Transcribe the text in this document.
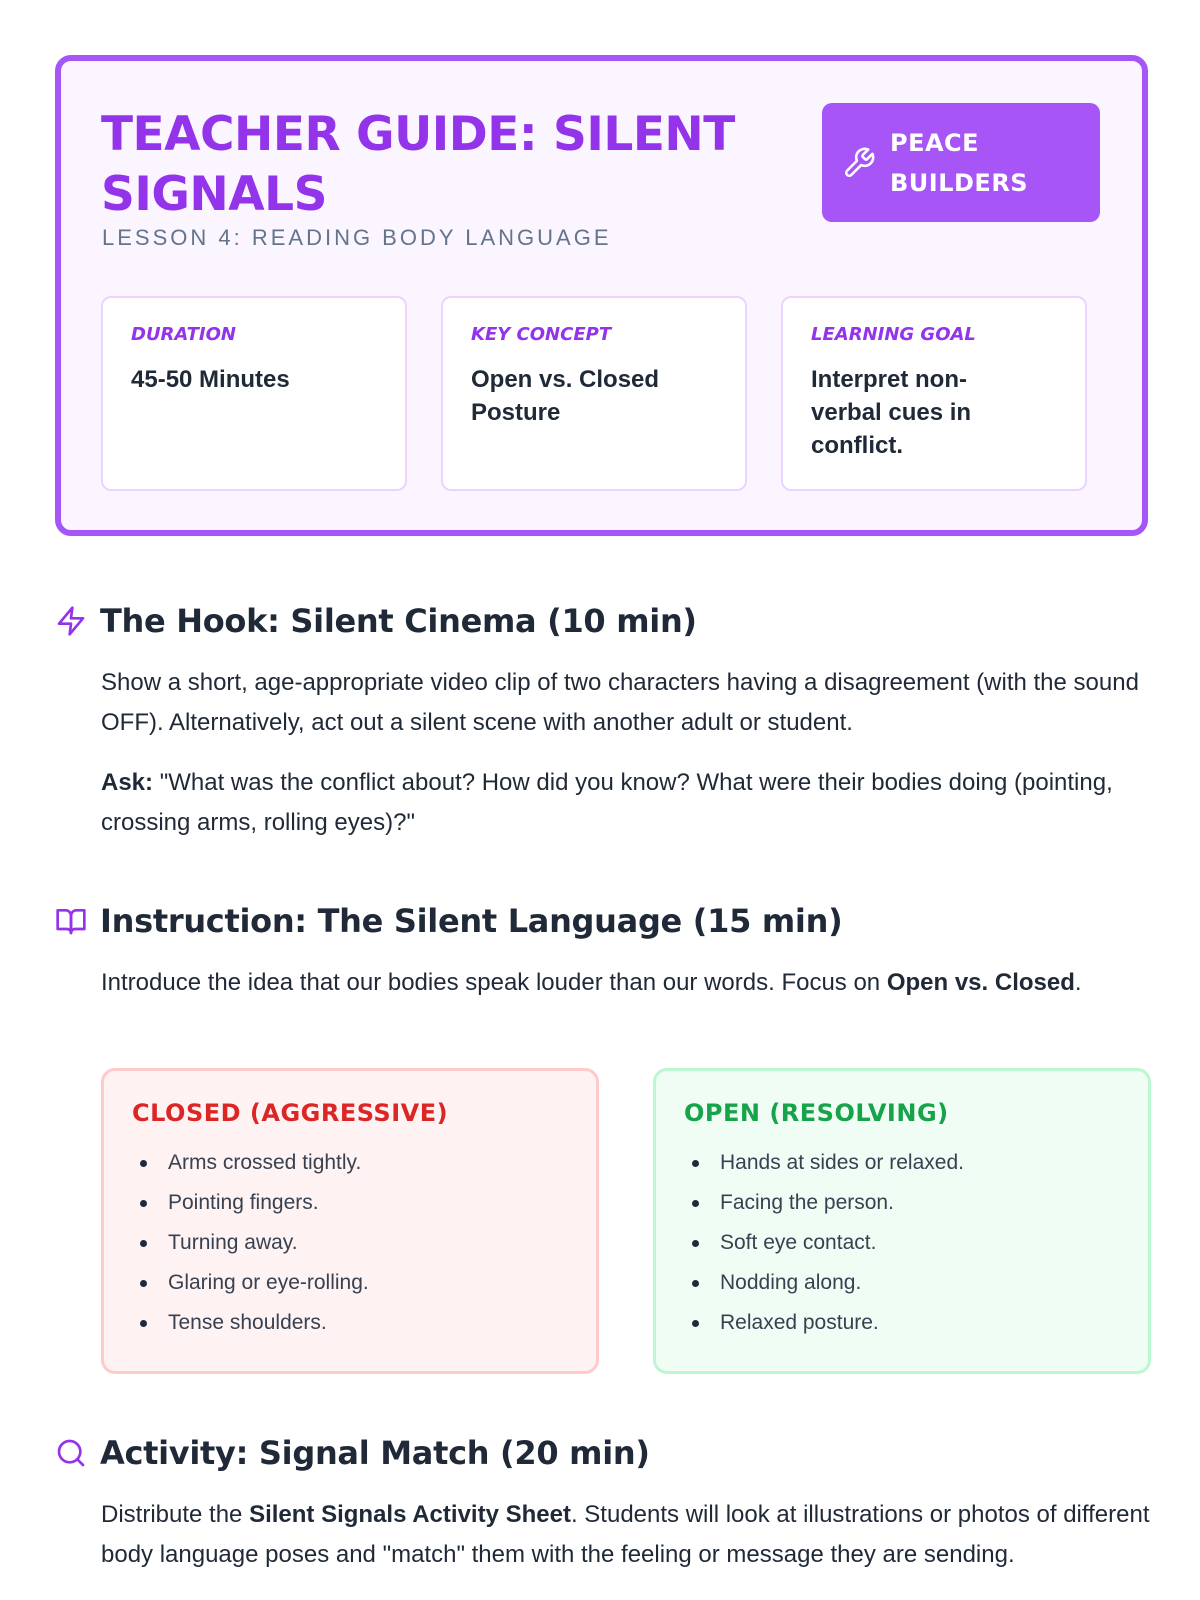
TEACHER GUIDE: SILENT SIGNALS
LESSON 4: READING BODY LANGUAGE
PEACE BUILDERS
DURATION
45-50 Minutes
KEY CONCEPT
Open vs. Closed Posture
LEARNING GOAL
Interpret non-verbal cues in conflict.
The Hook: Silent Cinema (10 min)

Show a short, age-appropriate video clip of two characters having a disagreement (with the sound OFF). Alternatively, act out a silent scene with another adult or student.

Ask: "What was the conflict about? How did you know? What were their bodies doing (pointing, crossing arms, rolling eyes)?"

Instruction: The Silent Language (15 min)

Introduce the idea that our bodies speak louder than our words. Focus on Open vs. Closed.

CLOSED (AGGRESSIVE)
Arms crossed tightly.
Pointing fingers.
Turning away.
Glaring or eye-rolling.
Tense shoulders.
OPEN (RESOLVING)
Hands at sides or relaxed.
Facing the person.
Soft eye contact.
Nodding along.
Relaxed posture.
Activity: Signal Match (20 min)

Distribute the Silent Signals Activity Sheet. Students will look at illustrations or photos of different body language poses and "match" them with the feeling or message they are sending.
